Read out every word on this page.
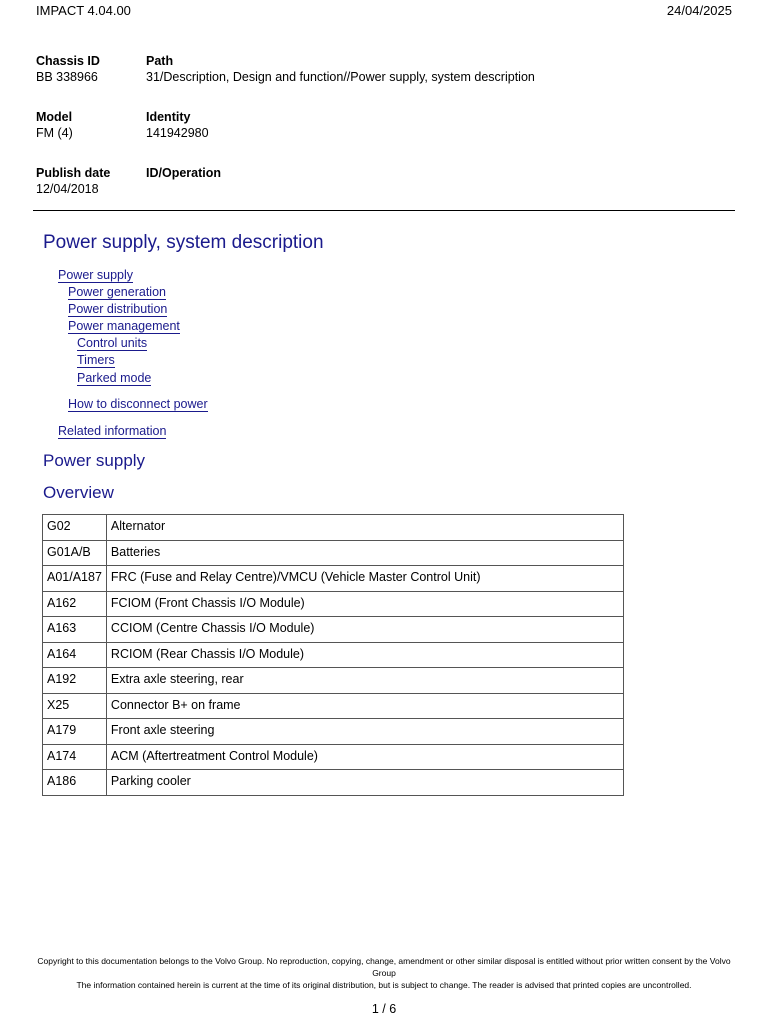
IMPACT 4.04.00	24/04/2025
Chassis ID
BB 338966
Path
31/Description, Design and function//Power supply, system description
Model
FM (4)
Identity
141942980
Publish date
12/04/2018
ID/Operation
Power supply, system description
Power supply
Power generation
Power distribution
Power management
Control units
Timers
Parked mode
How to disconnect power
Related information
Power supply
Overview
G02	Alternator
G01A/B	Batteries
A01/A187	FRC (Fuse and Relay Centre)/VMCU (Vehicle Master Control Unit)
A162	FCIOM (Front Chassis I/O Module)
A163	CCIOM (Centre Chassis I/O Module)
A164	RCIOM (Rear Chassis I/O Module)
A192	Extra axle steering, rear
X25	Connector B+ on frame
A179	Front axle steering
A174	ACM (Aftertreatment Control Module)
A186	Parking cooler
Copyright to this documentation belongs to the Volvo Group. No reproduction, copying, change, amendment or other similar disposal is entitled without prior written consent by the Volvo Group
The information contained herein is current at the time of its original distribution, but is subject to change. The reader is advised that printed copies are uncontrolled.
1 / 6
